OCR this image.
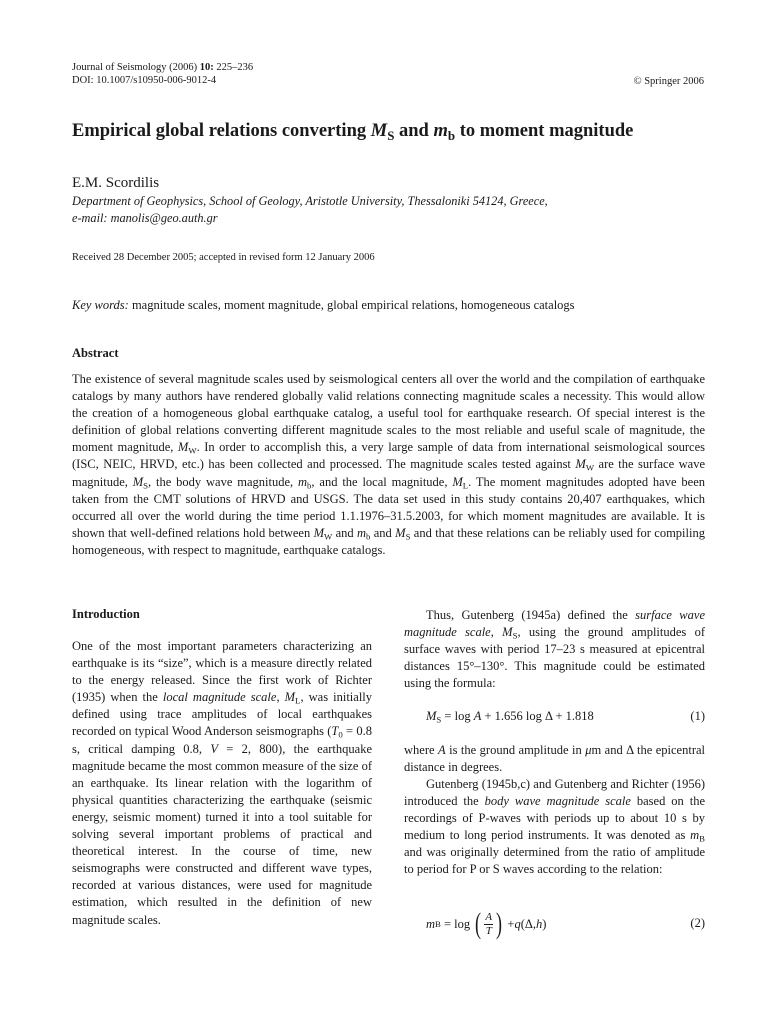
Journal of Seismology (2006) 10: 225–236
DOI: 10.1007/s10950-006-9012-4	© Springer 2006
Empirical global relations converting $M_S$ and $m_b$ to moment magnitude
E.M. Scordilis
Department of Geophysics, School of Geology, Aristotle University, Thessaloniki 54124, Greece,
e-mail: manolis@geo.auth.gr
Received 28 December 2005; accepted in revised form 12 January 2006
Key words: magnitude scales, moment magnitude, global empirical relations, homogeneous catalogs
Abstract

The existence of several magnitude scales used by seismological centers all over the world and the compilation of earthquake catalogs by many authors have rendered globally valid relations connecting magnitude scales a necessity. This would allow the creation of a homogeneous global earthquake catalog, a useful tool for earthquake research. Of special interest is the definition of global relations converting different magnitude scales to the most reliable and useful scale of magnitude, the moment magnitude, $M_W$. In order to accomplish this, a very large sample of data from international seismological sources (ISC, NEIC, HRVD, etc.) has been collected and processed. The magnitude scales tested against $M_W$ are the surface wave magnitude, $M_S$, the body wave magnitude, $m_b$, and the local magnitude, $M_L$. The moment magnitudes adopted have been taken from the CMT solutions of HRVD and USGS. The data set used in this study contains 20,407 earthquakes, which occurred all over the world during the time period 1.1.1976–31.5.2003, for which moment magnitudes are available. It is shown that well-defined relations hold between $M_W$ and $m_b$ and $M_S$ and that these relations can be reliably used for compiling homogeneous, with respect to magnitude, earthquake catalogs.

Introduction

One of the most important parameters characterizing an earthquake is its “size”, which is a measure directly related to the energy released. Since the first work of Richter (1935) when the local magnitude scale, $M_L$, was initially defined using trace amplitudes of local earthquakes recorded on typical Wood Anderson seismographs ($T_0 = 0.8$ s, critical damping 0.8, V = 2, 800), the earthquake magnitude became the most common measure of the size of an earthquake. Its linear relation with the logarithm of physical quantities characterizing the earthquake (seismic energy, seismic moment) turned it into a tool suitable for solving several important problems of practical and theoretical interest. In the course of time, new seismographs were constructed and different wave types, recorded at various distances, were used for magnitude estimation, which resulted in the definition of new magnitude scales.

Thus, Gutenberg (1945a) defined the surface wave magnitude scale, $M_S$, using the ground amplitudes of surface waves with period 17–23 s measured at epicentral distances 15°–130°. This magnitude could be estimated using the formula:

$M_S = \log A + 1.656$ log Δ + 1.818	(1)

where A is the ground amplitude in μm and Δ the epicentral distance in degrees.

Gutenberg (1945b,c) and Gutenberg and Richter (1956) introduced the body wave magnitude scale based on the recordings of P-waves with periods up to about 10 s by medium to long period instruments. It was denoted as $m_B$ and was originally determined from the ratio of amplitude to period for P or S waves according to the relation:

m B = log ( $\frac{A}{T}$ ) + q (Δ, h )	(2)
